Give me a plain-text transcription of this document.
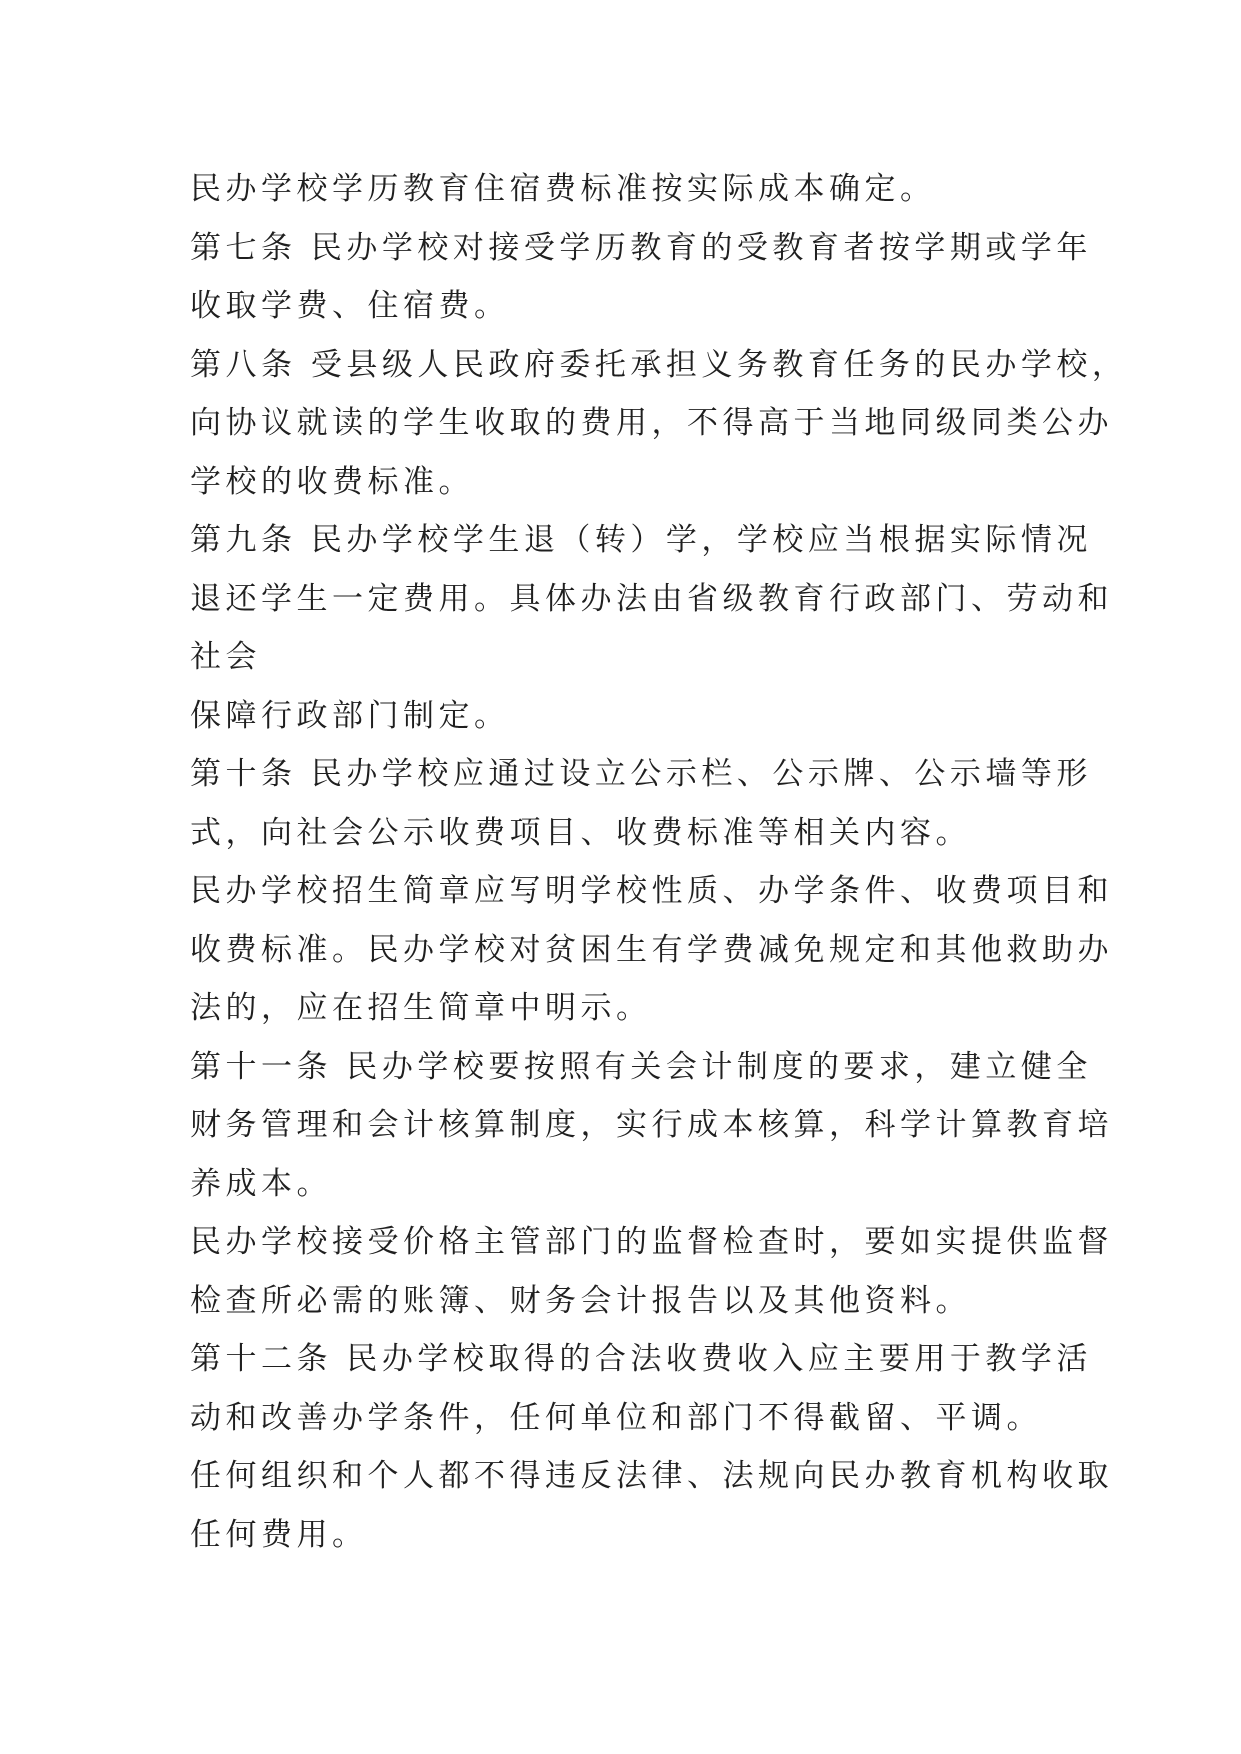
民办学校学历教育住宿费标准按实际成本确定。
第七条 民办学校对接受学历教育的受教育者按学期或学年
收取学费、住宿费。
第八条 受县级人民政府委托承担义务教育任务的民办学校，
向协议就读的学生收取的费用，不得高于当地同级同类公办
学校的收费标准。
第九条 民办学校学生退（转）学，学校应当根据实际情况
退还学生一定费用。具体办法由省级教育行政部门、劳动和
社会
保障行政部门制定。
第十条 民办学校应通过设立公示栏、公示牌、公示墙等形
式，向社会公示收费项目、收费标准等相关内容。
民办学校招生简章应写明学校性质、办学条件、收费项目和
收费标准。民办学校对贫困生有学费减免规定和其他救助办
法的，应在招生简章中明示。
第十一条 民办学校要按照有关会计制度的要求，建立健全
财务管理和会计核算制度，实行成本核算，科学计算教育培
养成本。
民办学校接受价格主管部门的监督检查时，要如实提供监督
检查所必需的账簿、财务会计报告以及其他资料。
第十二条 民办学校取得的合法收费收入应主要用于教学活
动和改善办学条件，任何单位和部门不得截留、平调。
任何组织和个人都不得违反法律、法规向民办教育机构收取
任何费用。
